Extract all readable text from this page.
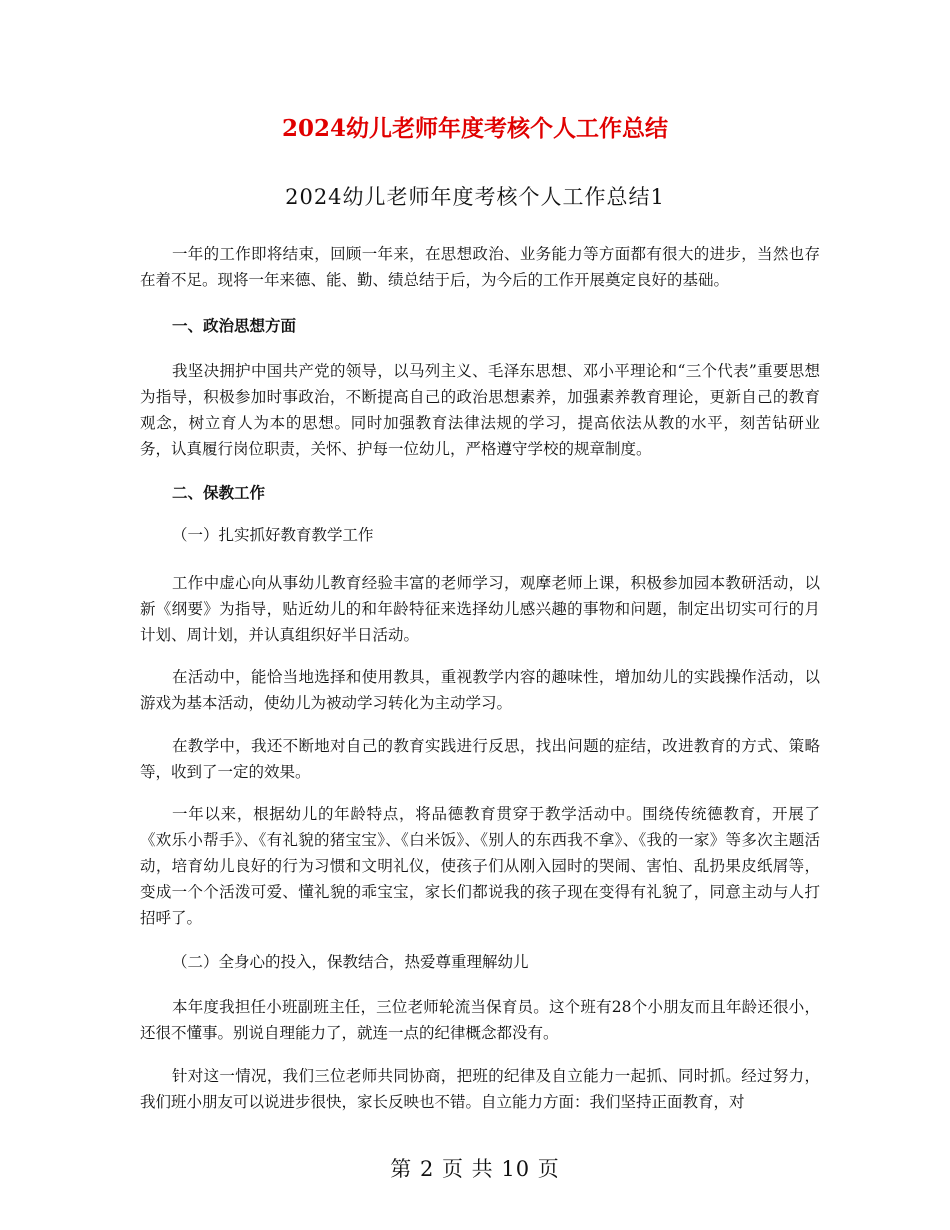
2024幼儿老师年度考核个人工作总结
2024幼儿老师年度考核个人工作总结1
一年的工作即将结束，回顾一年来，在思想政治、业务能力等方面都有很大的进步，当然也存在着不足。现将一年来德、能、勤、绩总结于后，为今后的工作开展奠定良好的基础。
一、政治思想方面
我坚决拥护中国共产党的领导，以马列主义、毛泽东思想、邓小平理论和“三个代表”重要思想为指导，积极参加时事政治，不断提高自己的政治思想素养，加强素养教育理论，更新自己的教育观念，树立育人为本的思想。同时加强教育法律法规的学习，提高依法从教的水平，刻苦钻研业务，认真履行岗位职责，关怀、护每一位幼儿，严格遵守学校的规章制度。
二、保教工作
（一）扎实抓好教育教学工作
工作中虚心向从事幼儿教育经验丰富的老师学习，观摩老师上课，积极参加园本教研活动，以新《纲要》为指导，贴近幼儿的和年龄特征来选择幼儿感兴趣的事物和问题，制定出切实可行的月计划、周计划，并认真组织好半日活动。
在活动中，能恰当地选择和使用教具，重视教学内容的趣味性，增加幼儿的实践操作活动，以游戏为基本活动，使幼儿为被动学习转化为主动学习。
在教学中，我还不断地对自己的教育实践进行反思，找出问题的症结，改进教育的方式、策略等，收到了一定的效果。
一年以来，根据幼儿的年龄特点，将品德教育贯穿于教学活动中。围绕传统德教育，开展了《欢乐小帮手》、《有礼貌的猪宝宝》、《白米饭》、《别人的东西我不拿》、《我的一家》等多次主题活动，培育幼儿良好的行为习惯和文明礼仪，使孩子们从刚入园时的哭闹、害怕、乱扔果皮纸屑等，变成一个个活泼可爱、懂礼貌的乖宝宝，家长们都说我的孩子现在变得有礼貌了，同意主动与人打招呼了。
（二）全身心的投入，保教结合，热爱尊重理解幼儿
本年度我担任小班副班主任，三位老师轮流当保育员。这个班有28个小朋友而且年龄还很小，还很不懂事。别说自理能力了，就连一点的纪律概念都没有。
针对这一情况，我们三位老师共同协商，把班的纪律及自立能力一起抓、同时抓。经过努力，我们班小朋友可以说进步很快，家长反映也不错。自立能力方面：我们坚持正面教育，对
第 2 页 共 10 页
